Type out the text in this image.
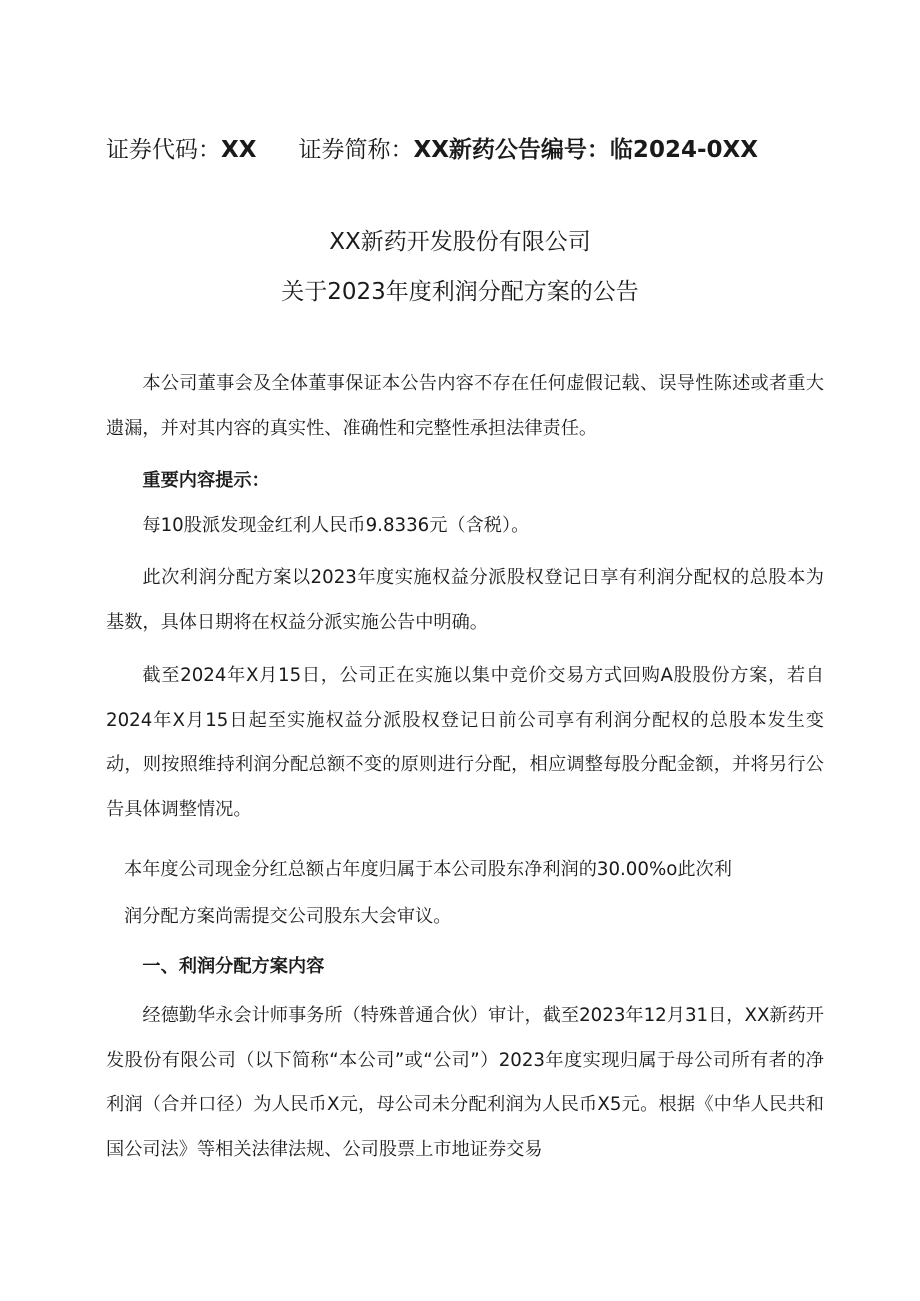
证券代码：XX 证券简称：XX新药公告编号：临2024-0XX
XX新药开发股份有限公司
关于2023年度利润分配方案的公告
本公司董事会及全体董事保证本公告内容不存在任何虚假记载、误导性陈述或者重大遗漏，并对其内容的真实性、准确性和完整性承担法律责任。
重要内容提示：
每10股派发现金红利人民币9.8336元（含税）。
此次利润分配方案以2023年度实施权益分派股权登记日享有利润分配权的总股本为基数，具体日期将在权益分派实施公告中明确。
截至2024年X月15日，公司正在实施以集中竞价交易方式回购A股股份方案，若自2024年X月15日起至实施权益分派股权登记日前公司享有利润分配权的总股本发生变动，则按照维持利润分配总额不变的原则进行分配，相应调整每股分配金额，并将另行公告具体调整情况。
本年度公司现金分红总额占年度归属于本公司股东净利润的30.00%o此次利
润分配方案尚需提交公司股东大会审议。
一、利润分配方案内容
经德勤华永会计师事务所（特殊普通合伙）审计，截至2023年12月31日，XX新药开发股份有限公司（以下简称“本公司”或“公司”）2023年度实现归属于母公司所有者的净利润（合并口径）为人民币X元，母公司未分配利润为人民币X5元。根据《中华人民共和国公司法》等相关法律法规、公司股票上市地证券交易
